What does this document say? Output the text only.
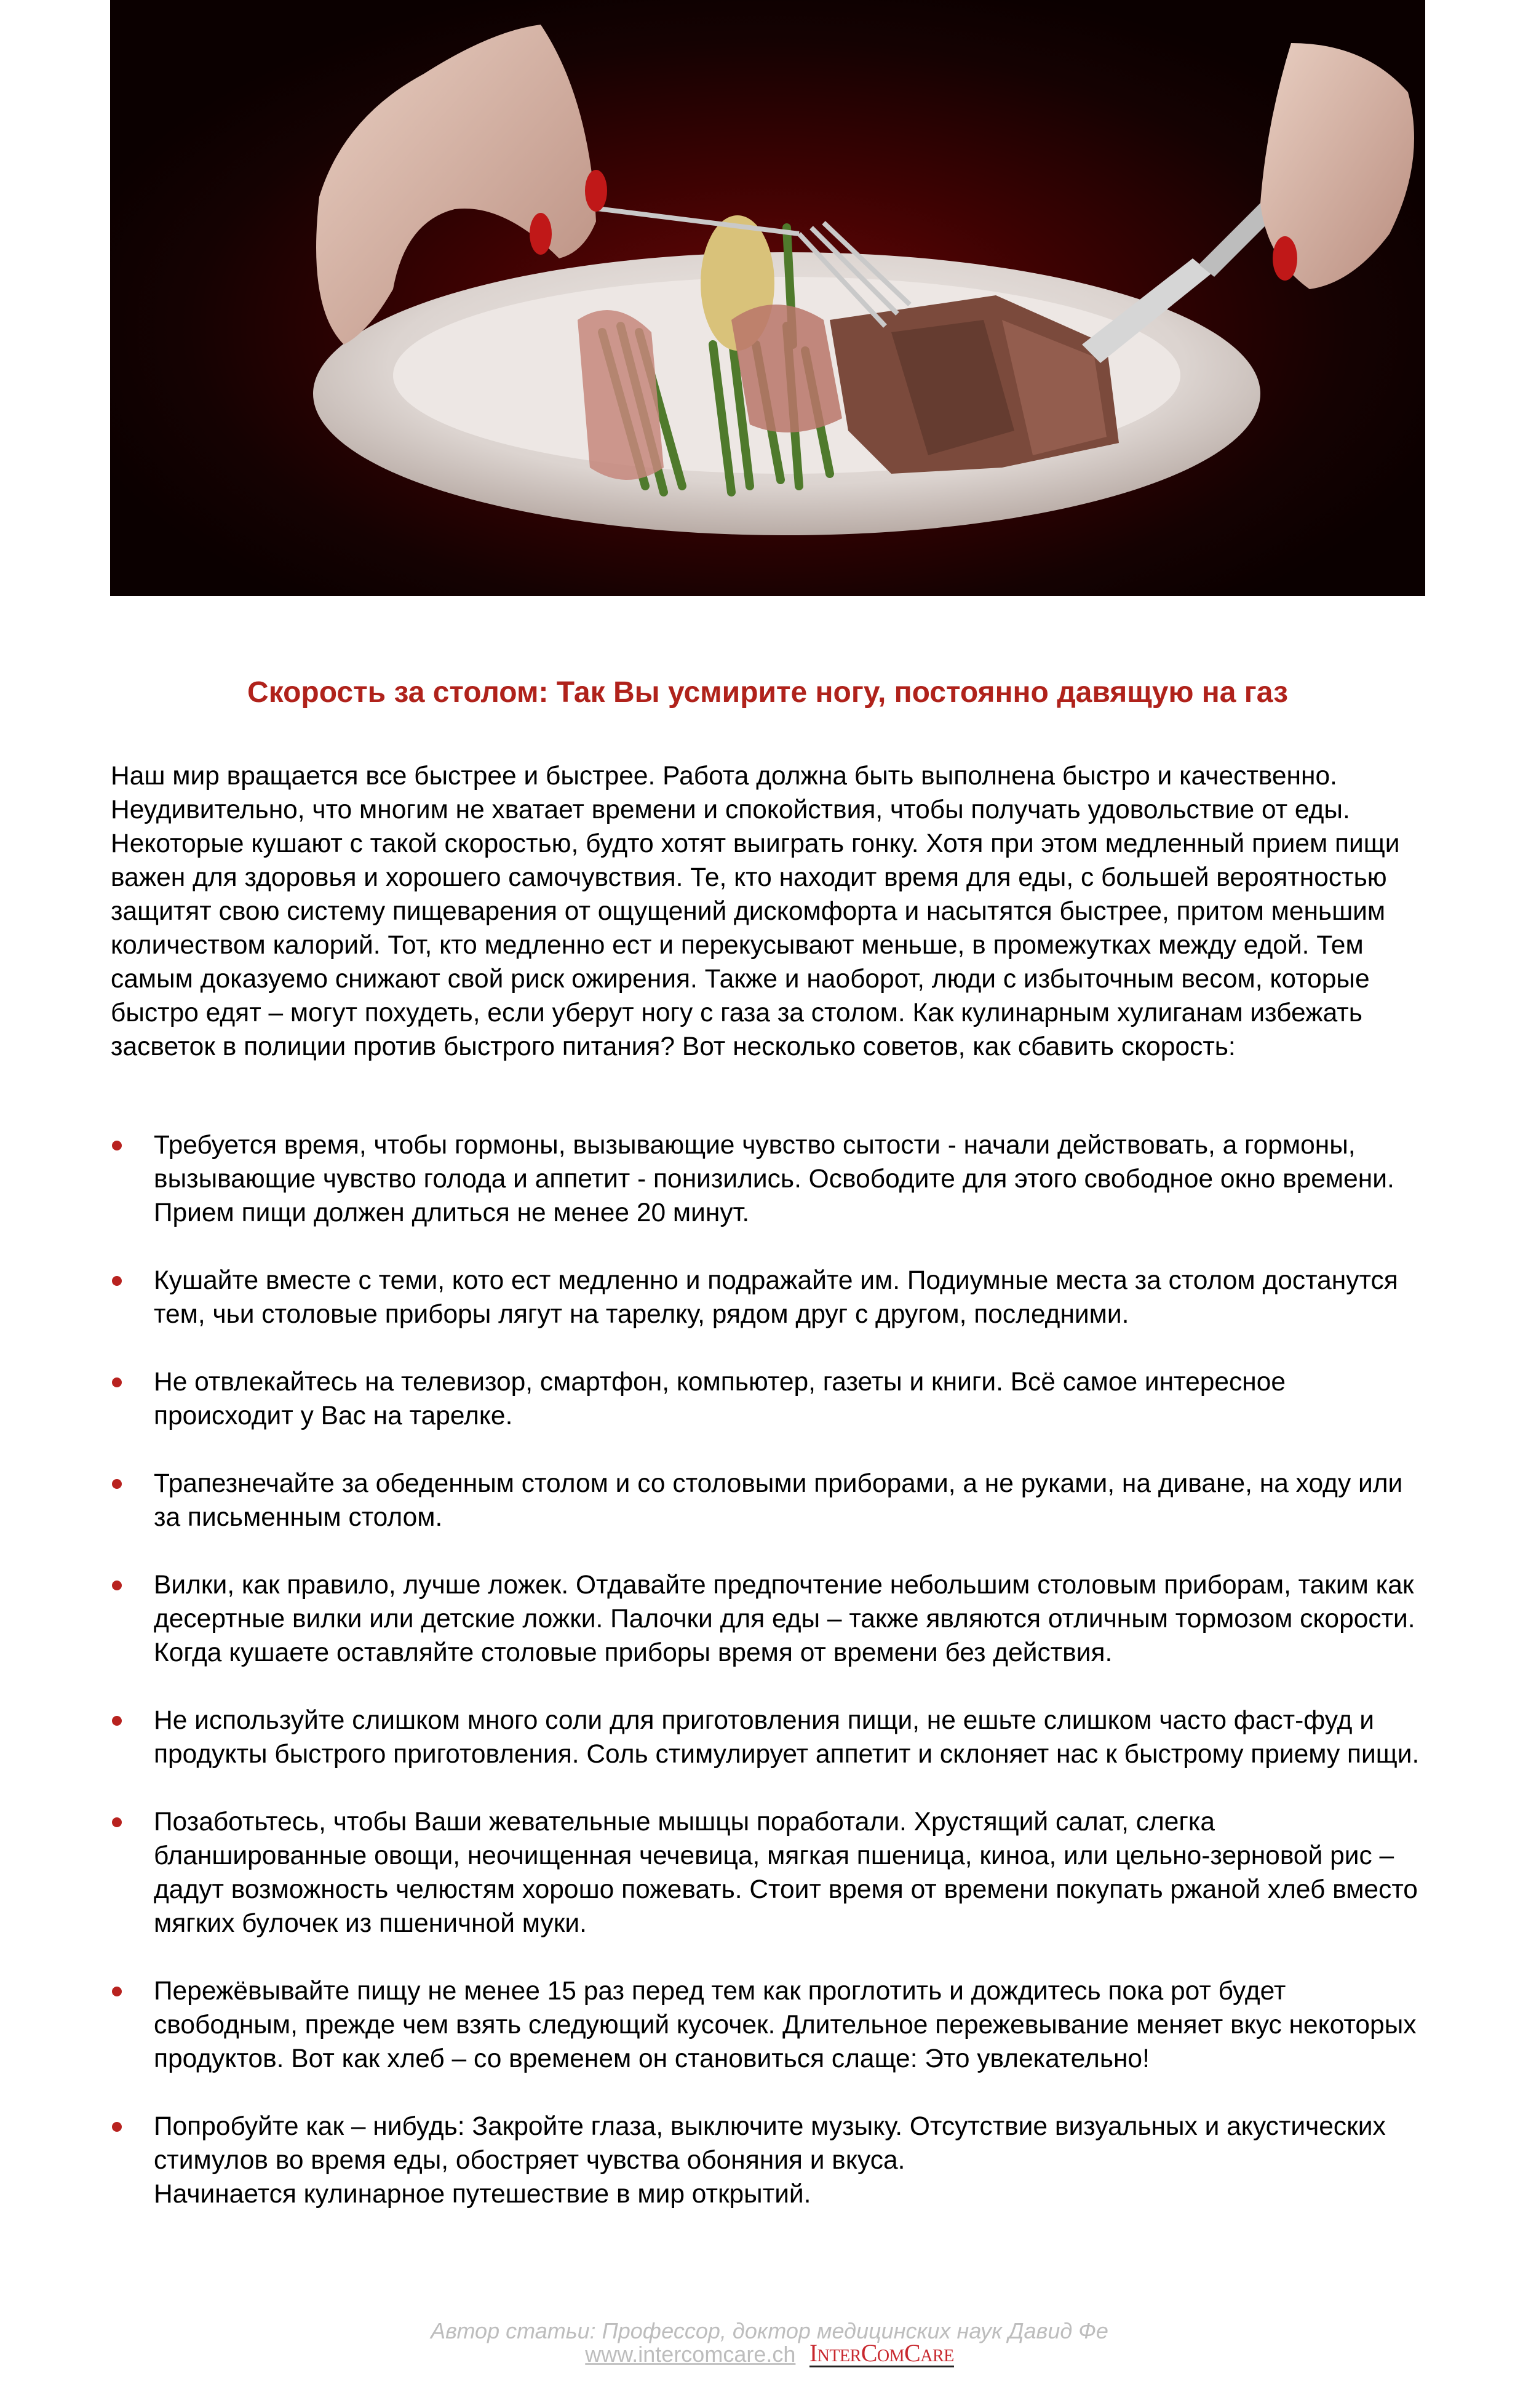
Скорость за столом: Так Вы усмирите ногу, постоянно давящую на газ

Наш мир вращается все быстрее и быстрее. Работа должна быть выполнена быстро и качественно. Неудивительно, что многим не хватает времени и спокойствия, чтобы получать удовольствие от еды. Некоторые кушают с такой скоростью, будто хотят выиграть гонку. Хотя при этом медленный прием пищи важен для здоровья и хорошего самочувствия. Те, кто находит время для еды, с большей вероятностью защитят свою систему пищеварения от ощущений дискомфорта и насытятся быстрее, притом меньшим количеством калорий. Тот, кто медленно ест и перекусывают меньше, в промежутках между едой. Тем самым доказуемо снижают свой риск ожирения. Также и наоборот, люди с избыточным весом, которые быстро едят – могут похудеть, если уберут ногу с газа за столом. Как кулинарным хулиганам избежать засветок в полиции против быстрого питания? Вот несколько советов, как сбавить скорость:

Требуется время, чтобы гормоны, вызывающие чувство сытости - начали действовать, а гормоны, вызывающие чувство голода и аппетит - понизились. Освободите для этого свободное окно времени. Прием пищи должен длиться не менее 20 минут.
Кушайте вместе с теми, кото ест медленно и подражайте им. Подиумные места за столом достанутся тем, чьи столовые приборы лягут на тарелку, рядом друг с другом, последними.
Не отвлекайтесь на телевизор, смартфон, компьютер, газеты и книги. Всё самое интересное происходит у Вас на тарелке.
Трапезнечайте за обеденным столом и со столовыми приборами, а не руками, на диване, на ходу или за письменным столом.
Вилки, как правило, лучше ложек. Отдавайте предпочтение небольшим столовым приборам, таким как десертные вилки или детские ложки. Палочки для еды – также являются отличным тормозом скорости. Когда кушаете оставляйте столовые приборы время от времени без действия.
Не используйте слишком много соли для приготовления пищи, не ешьте слишком часто фаст-фуд и продукты быстрого приготовления. Соль стимулирует аппетит и склоняет нас к быстрому приему пищи.
Позаботьтесь, чтобы Ваши жевательные мышцы поработали. Хрустящий салат, слегка бланшированные овощи, неочищенная чечевица, мягкая пшеница, киноа, или цельно-зерновой рис – дадут возможность челюстям хорошо пожевать. Стоит время от времени покупать ржаной хлеб вместо мягких булочек из пшеничной муки.
Пережёвывайте пищу не менее 15 раз перед тем как проглотить и дождитесь пока рот будет свободным, прежде чем взять следующий кусочек. Длительное пережевывание меняет вкус некоторых продуктов. Вот как хлеб – со временем он становиться слаще: Это увлекательно!
Попробуйте как – нибудь: Закройте глаза, выключите музыку. Отсутствие визуальных и акустических стимулов во время еды, обостряет чувства обоняния и вкуса.
Начинается кулинарное путешествие в мир открытий.
Автор статьи: Профессор, доктор медицинских наук Давид Фе
www.intercomcare.ch InterComCare
